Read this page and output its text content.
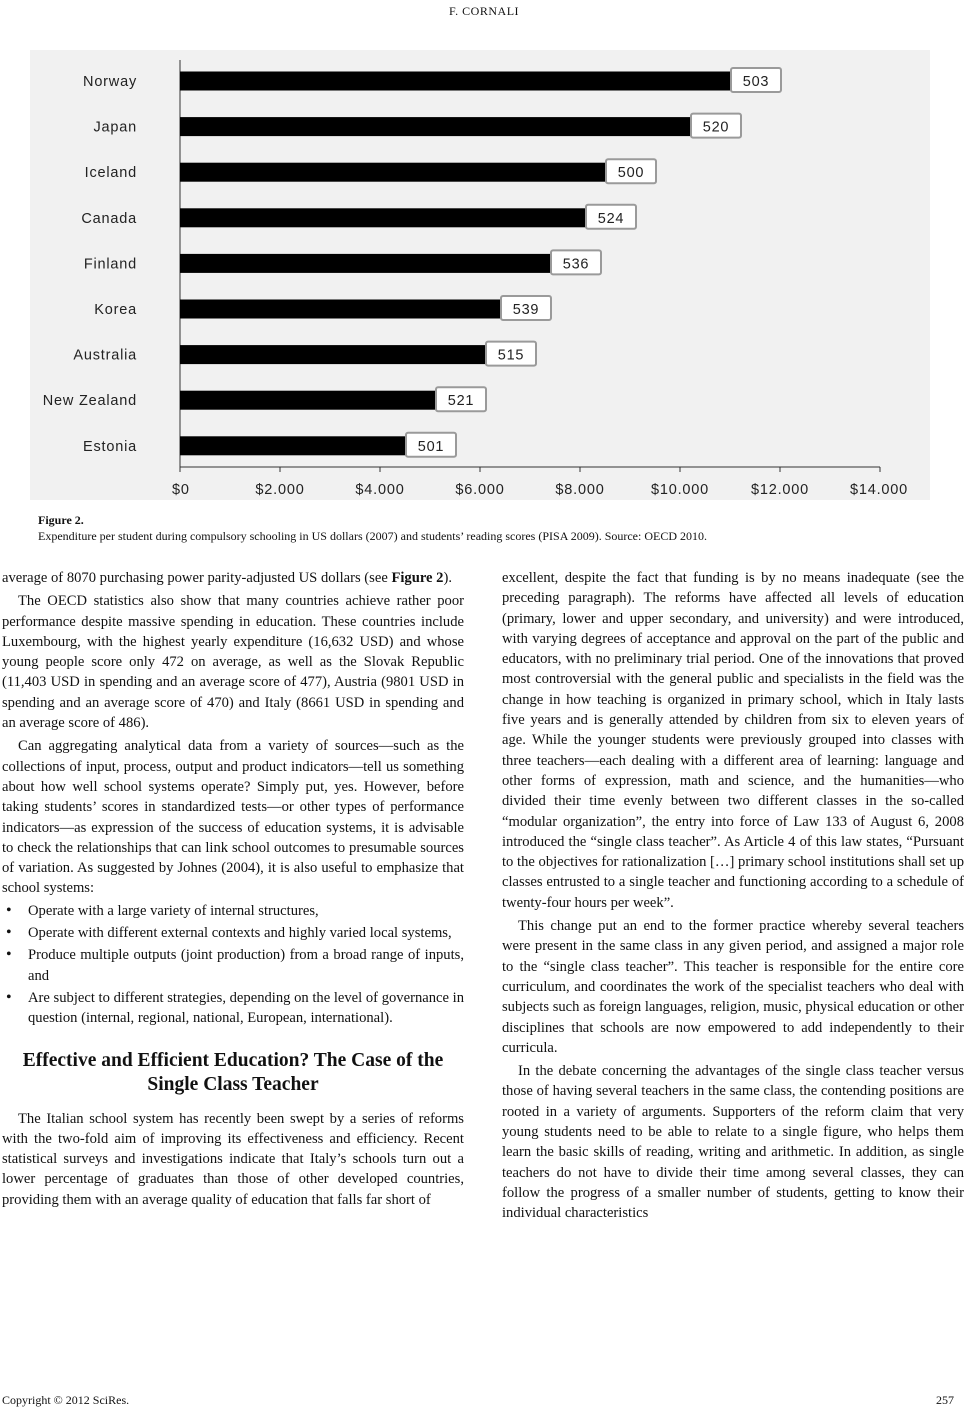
F. CORNALI
Norway	503
Japan	520
Iceland	500
Canada	524
Finland	536
Korea	539
Australia	515
New Zealand	521
Estonia	501
$0	$2.000	$4.000	$6.000	$8.000	$10.000	$12.000	$14.000
Figure 2.
Expenditure per student during compulsory schooling in US dollars (2007) and students’ reading scores (PISA 2009). Source: OECD 2010.

average of 8070 purchasing power parity-adjusted US dollars (see Figure 2).

The OECD statistics also show that many countries achieve rather poor performance despite massive spending in education. These countries include Luxembourg, with the highest yearly expenditure (16,632 USD) and whose young people score only 472 on average, as well as the Slovak Republic (11,403 USD in spending and an average score of 477), Austria (9801 USD in spending and an average score of 470) and Italy (8661 USD in spending and an average score of 486).

Can aggregating analytical data from a variety of sources—such as the collections of input, process, output and product indicators—tell us something about how well school systems operate? Simply put, yes. However, before taking students’ scores in standardized tests—or other types of performance indicators—as expression of the success of education systems, it is advisable to check the relationships that can link school outcomes to presumable sources of variation. As suggested by Johnes (2004), it is also useful to emphasize that school systems:

• Operate with a large variety of internal structures,
• Operate with different external contexts and highly varied local systems,
• Produce multiple outputs (joint production) from a broad range of inputs, and
• Are subject to different strategies, depending on the level of governance in question (internal, regional, national, European, international).
Effective and Efficient Education? The Case of the Single Class Teacher

The Italian school system has recently been swept by a series of reforms with the two-fold aim of improving its effectiveness and efficiency. Recent statistical surveys and investigations indicate that Italy’s schools turn out a lower percentage of graduates than those of other developed countries, providing them with an average quality of education that falls far short of

excellent, despite the fact that funding is by no means inadequate (see the preceding paragraph). The reforms have affected all levels of education (primary, lower and upper secondary, and university) and were introduced, with varying degrees of acceptance and approval on the part of the public and educators, with no preliminary trial period. One of the innovations that proved most controversial with the general public and specialists in the field was the change in how teaching is organized in primary school, which in Italy lasts five years and is generally attended by children from six to eleven years of age. While the younger students were previously grouped into classes with three teachers—each dealing with a different area of learning: language and other forms of expression, math and science, and the humanities—who divided their time evenly between two different classes in the so-called “modular organization”, the entry into force of Law 133 of August 6, 2008 introduced the “single class teacher”. As Article 4 of this law states, “Pursuant to the objectives for rationalization […] primary school institutions shall set up classes entrusted to a single teacher and functioning according to a schedule of twenty-four hours per week”.

This change put an end to the former practice whereby several teachers were present in the same class in any given period, and assigned a major role to the “single class teacher”. This teacher is responsible for the entire core curriculum, and coordinates the work of the specialist teachers who deal with subjects such as foreign languages, religion, music, physical education or other disciplines that schools are now empowered to add independently to their curricula.

In the debate concerning the advantages of the single class teacher versus those of having several teachers in the same class, the contending positions are rooted in a variety of arguments. Supporters of the reform claim that very young students need to be able to relate to a single figure, who helps them learn the basic skills of reading, writing and arithmetic. In addition, as single teachers do not have to divide their time among several classes, they can follow the progress of a smaller number of students, getting to know their individual characteristics

Copyright © 2012 SciRes.	257
